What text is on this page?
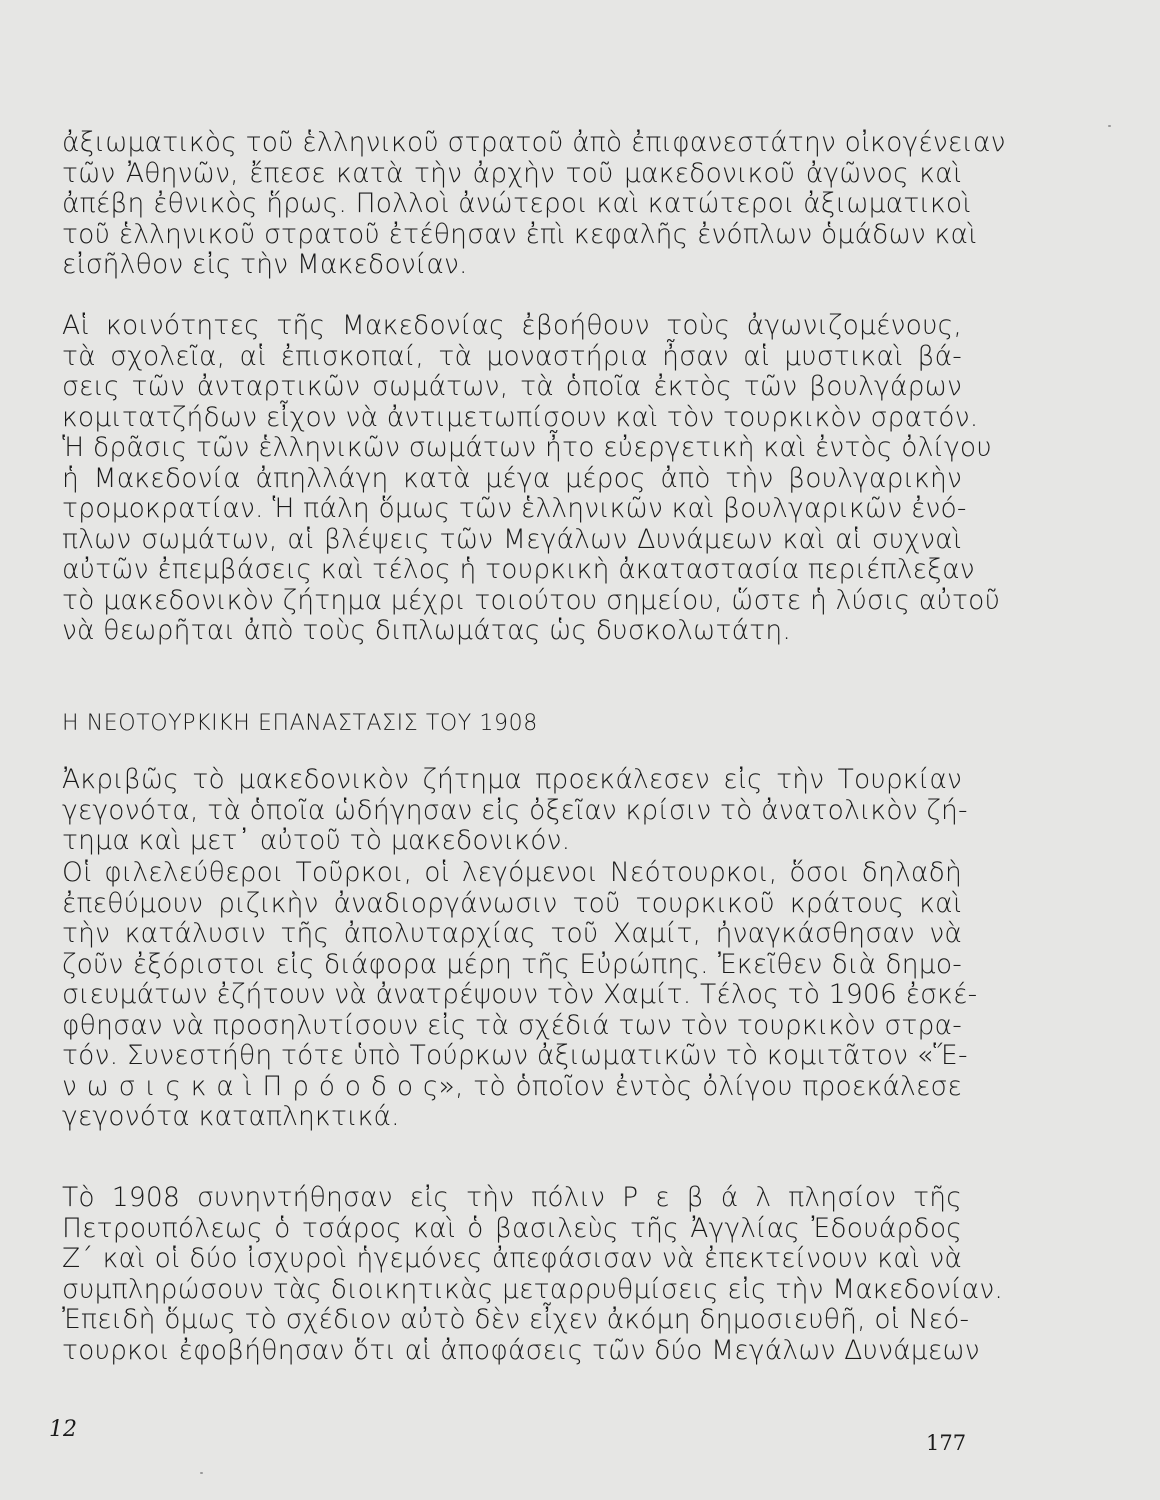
ἀξιωματικὸς τοῦ ἑλληνικοῦ στρατοῦ ἀπὸ ἐπιφανεστάτην οἰκογένειαν
τῶν Ἀθηνῶν, ἔπεσε κατὰ τὴν ἀρχὴν τοῦ μακεδονικοῦ ἀγῶνος καὶ
ἀπέβη ἐθνικὸς ἥρως. Πολλοὶ ἀνώτεροι καὶ κατώτεροι ἀξιωματικοὶ
τοῦ ἑλληνικοῦ στρατοῦ ἐτέθησαν ἐπὶ κεφαλῆς ἐνόπλων ὁμάδων καὶ
εἰσῆλθον εἰς τὴν Μακεδονίαν.
Αἱ κοινότητες τῆς Μακεδονίας ἐβοήθουν τοὺς ἀγωνιζομένους,
τὰ σχολεῖα, αἱ ἐπισκοπαί, τὰ μοναστήρια ἦσαν αἱ μυστικαὶ βά-
σεις τῶν ἀνταρτικῶν σωμάτων, τὰ ὁποῖα ἐκτὸς τῶν βουλγάρων
κομιτατζήδων εἶχον νὰ ἀντιμετωπίσουν καὶ τὸν τουρκικὸν σρατόν.
Ἡ δρᾶσις τῶν ἑλληνικῶν σωμάτων ἦτο εὐεργετικὴ καὶ ἐντὸς ὀλίγου
ἡ Μακεδονία ἀπηλλάγη κατὰ μέγα μέρος ἀπὸ τὴν βουλγαρικὴν
τρομοκρατίαν. Ἡ πάλη ὅμως τῶν ἑλληνικῶν καὶ βουλγαρικῶν ἐνό-
πλων σωμάτων, αἱ βλέψεις τῶν Μεγάλων Δυνάμεων καὶ αἱ συχναὶ
αὐτῶν ἐπεμβάσεις καὶ τέλος ἡ τουρκικὴ ἀκαταστασία περιέπλεξαν
τὸ μακεδονικὸν ζήτημα μέχρι τοιούτου σημείου, ὥστε ἡ λύσις αὐτοῦ
νὰ θεωρῆται ἀπὸ τοὺς διπλωμάτας ὡς δυσκολωτάτη.
Η ΝΕΟΤΟΥΡΚΙΚΗ ΕΠΑΝΑΣΤΑΣΙΣ ΤΟΥ 1908
Ἀκριβῶς τὸ μακεδονικὸν ζήτημα προεκάλεσεν εἰς τὴν Τουρκίαν
γεγονότα, τὰ ὁποῖα ὡδήγησαν εἰς ὀξεῖαν κρίσιν τὸ ἀνατολικὸν ζή-
τημα καὶ μετ᾿ αὐτοῦ τὸ μακεδονικόν.
Οἱ φιλελεύθεροι Τοῦρκοι, οἱ λεγόμενοι Νεότουρκοι, ὅσοι δηλαδὴ
ἐπεθύμουν ριζικὴν ἀναδιοργάνωσιν τοῦ τουρκικοῦ κράτους καὶ
τὴν κατάλυσιν τῆς ἀπολυταρχίας τοῦ Χαμίτ, ἠναγκάσθησαν νὰ
ζοῦν ἐξόριστοι εἰς διάφορα μέρη τῆς Εὐρώπης. Ἐκεῖθεν διὰ δημο-
σιευμάτων ἐζήτουν νὰ ἀνατρέψουν τὸν Χαμίτ. Τέλος τὸ 1906 ἐσκέ-
φθησαν νὰ προσηλυτίσουν εἰς τὰ σχέδιά των τὸν τουρκικὸν στρα-
τόν. Συνεστήθη τότε ὑπὸ Τούρκων ἀξιωματικῶν τὸ κομιτᾶτον «Ἕ-
ν ω σ ι ς κ α ὶ Π ρ ό ο δ ο ς», τὸ ὁποῖον ἐντὸς ὀλίγου προεκάλεσε
γεγονότα καταπληκτικά.
Τὸ 1908 συνηντήθησαν εἰς τὴν πόλιν Ρ ε β ά λ πλησίον τῆς
Πετρουπόλεως ὁ τσάρος καὶ ὁ βασιλεὺς τῆς Ἀγγλίας Ἐδουάρδος
Ζ΄ καὶ οἱ δύο ἰσχυροὶ ἡγεμόνες ἀπεφάσισαν νὰ ἐπεκτείνουν καὶ νὰ
συμπληρώσουν τὰς διοικητικὰς μεταρρυθμίσεις εἰς τὴν Μακεδονίαν.
Ἐπειδὴ ὅμως τὸ σχέδιον αὐτὸ δὲν εἶχεν ἀκόμη δημοσιευθῆ, οἱ Νεό-
τουρκοι ἐφοβήθησαν ὅτι αἱ ἀποφάσεις τῶν δύο Μεγάλων Δυνάμεων
12
177
